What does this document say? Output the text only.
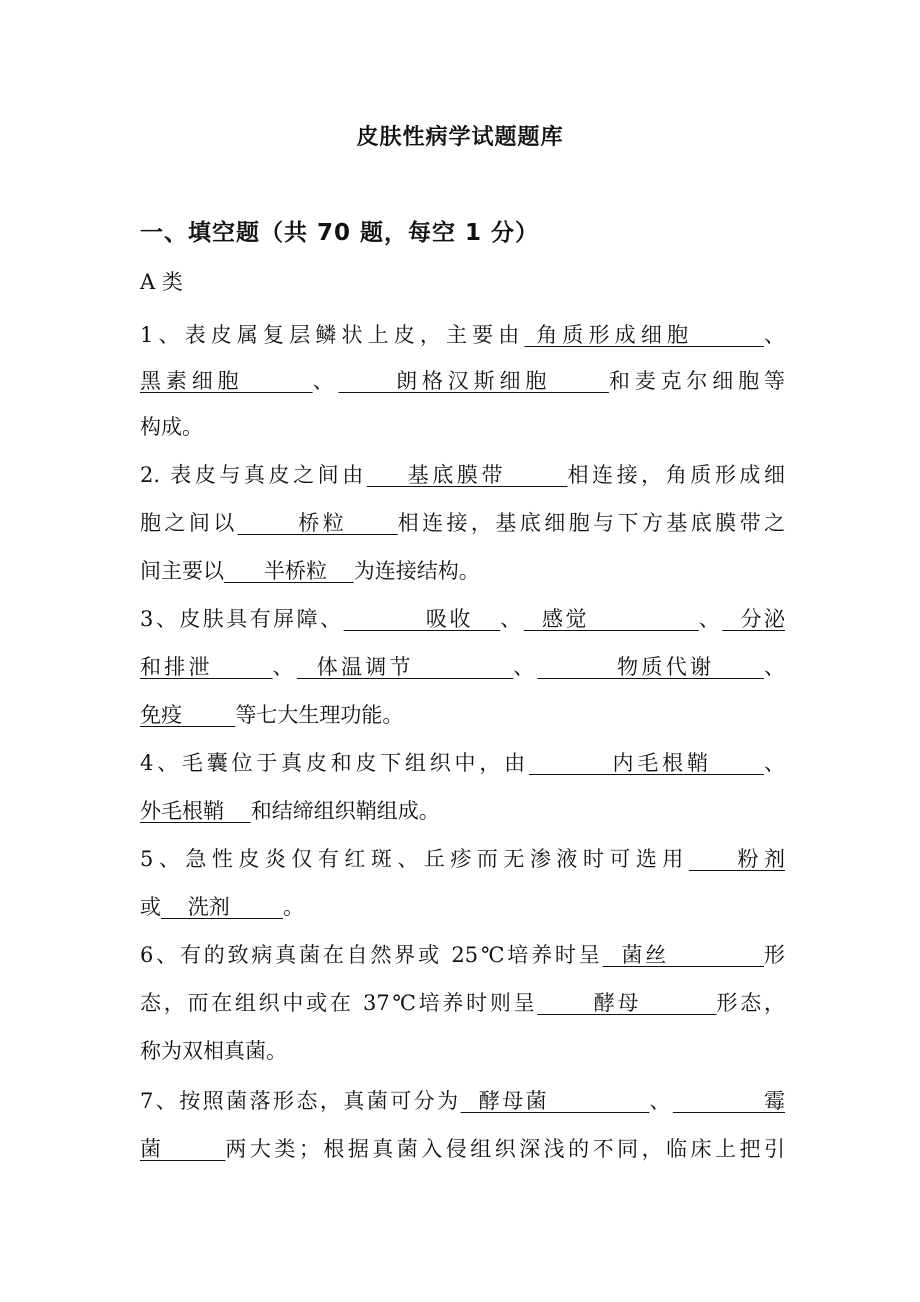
皮肤性病学试题题库
一、填空题（共 70 题，每空 1 分）
A 类
1、表皮属复层鳞状上皮，主要由 角质形成细胞      、
黑素细胞      、     朗格汉斯细胞     和麦克尔细胞等
构成。
2. 表皮与真皮之间由    基底膜带      相连接，角质形成细
胞之间以      桥粒     相连接，基底细胞与下方基底膜带之
间主要以      半桥粒    为连接结构。
3、皮肤具有屏障、         吸收   、  感觉            、  分泌
和排泄      、  体温调节          、        物质代谢     、
免疫        等七大生理功能。
4、毛囊位于真皮和皮下组织中，由        内毛根鞘     、
外毛根鞘    和结缔组织鞘组成。
5、急性皮炎仅有红斑、丘疹而无渗液时可选用    粉剂
或    洗剂        。
6、有的致病真菌在自然界或 25℃培养时呈  菌丝          形
态，而在组织中或在 37℃培养时则呈      酵母        形态，
称为双相真菌。
7、按照菌落形态，真菌可分为  酵母菌           、          霉
菌      两大类；根据真菌入侵组织深浅的不同，临床上把引
